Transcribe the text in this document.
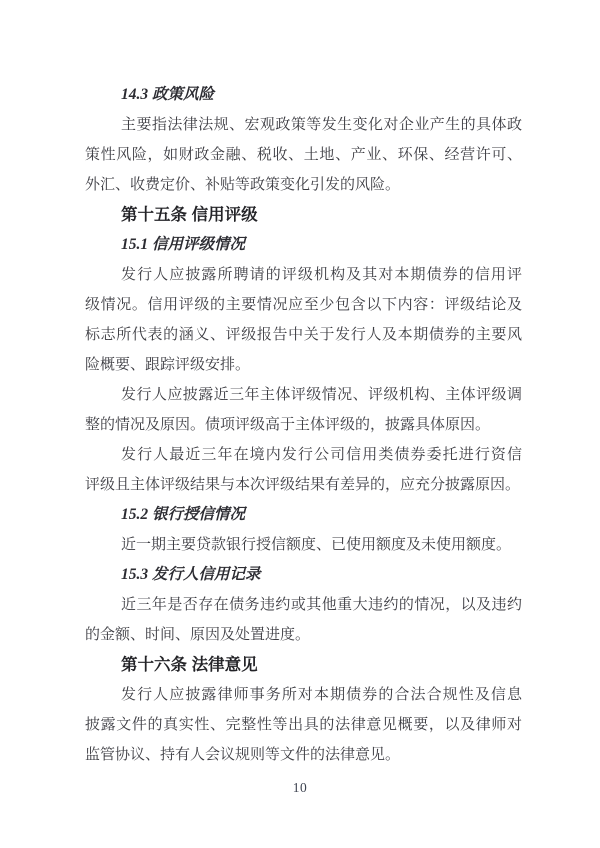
14.3 政策风险
主要指法律法规、宏观政策等发生变化对企业产生的具体政
策性风险，如财政金融、税收、土地、产业、环保、经营许可、
外汇、收费定价、补贴等政策变化引发的风险。
第十五条 信用评级
15.1 信用评级情况
发行人应披露所聘请的评级机构及其对本期债券的信用评
级情况。信用评级的主要情况应至少包含以下内容：评级结论及
标志所代表的涵义、评级报告中关于发行人及本期债券的主要风
险概要、跟踪评级安排。
发行人应披露近三年主体评级情况、评级机构、主体评级调
整的情况及原因。债项评级高于主体评级的，披露具体原因。
发行人最近三年在境内发行公司信用类债券委托进行资信
评级且主体评级结果与本次评级结果有差异的，应充分披露原因。
15.2 银行授信情况
近一期主要贷款银行授信额度、已使用额度及未使用额度。
15.3 发行人信用记录
近三年是否存在债务违约或其他重大违约的情况，以及违约
的金额、时间、原因及处置进度。
第十六条 法律意见
发行人应披露律师事务所对本期债券的合法合规性及信息
披露文件的真实性、完整性等出具的法律意见概要，以及律师对
监管协议、持有人会议规则等文件的法律意见。
10
